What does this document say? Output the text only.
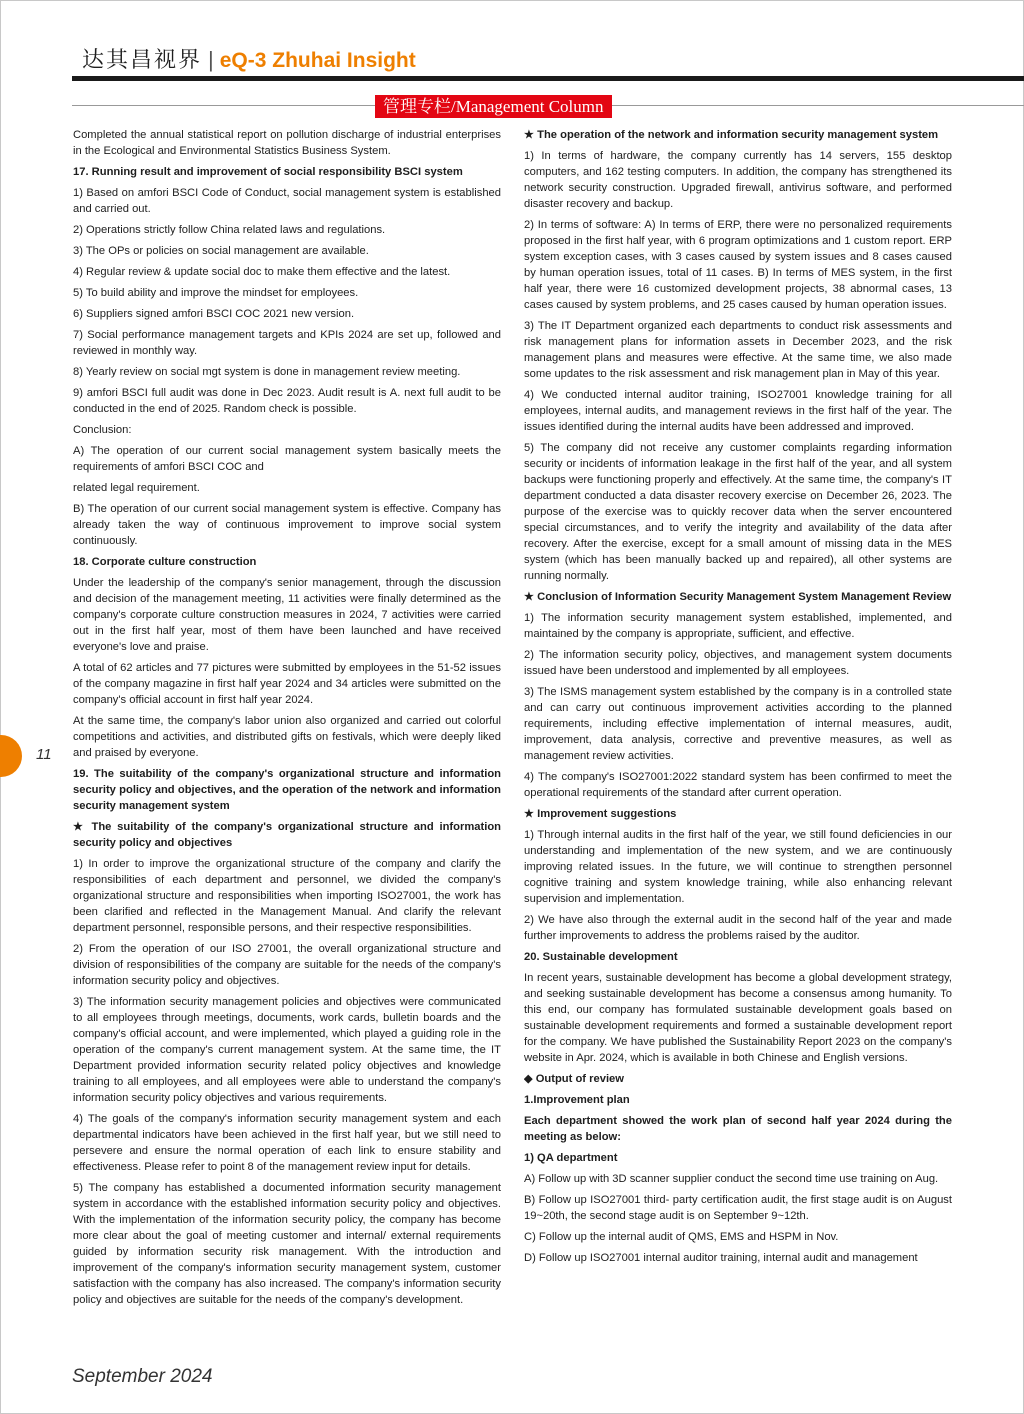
达其昌视界 | eQ-3 Zhuhai Insight
管理专栏/Management Column
11

Completed the annual statistical report on pollution discharge of industrial enterprises in the Ecological and Environmental Statistics Business System.

17. Running result and improvement of social responsibility BSCI system

1) Based on amfori BSCI Code of Conduct, social management system is established and carried out.

2) Operations strictly follow China related laws and regulations.

3) The OPs or policies on social management are available.

4) Regular review & update social doc to make them effective and the latest.

5) To build ability and improve the mindset for employees.

6) Suppliers signed amfori BSCI COC 2021 new version.

7) Social performance management targets and KPIs 2024 are set up, followed and reviewed in monthly way.

8) Yearly review on social mgt system is done in management review meeting.

9) amfori BSCI full audit was done in Dec 2023. Audit result is A. next full audit to be conducted in the end of 2025. Random check is possible.

Conclusion:

A) The operation of our current social management system basically meets the requirements of amfori BSCI COC and

related legal requirement.

B) The operation of our current social management system is effective. Company has already taken the way of continuous improvement to improve social system continuously.

18. Corporate culture construction

Under the leadership of the company's senior management, through the discussion and decision of the management meeting, 11 activities were finally determined as the company's corporate culture construction measures in 2024, 7 activities were carried out in the first half year, most of them have been launched and have received everyone's love and praise.

A total of 62 articles and 77 pictures were submitted by employees in the 51-52 issues of the company magazine in first half year 2024 and 34 articles were submitted on the company's official account in first half year 2024.

At the same time, the company's labor union also organized and carried out colorful competitions and activities, and distributed gifts on festivals, which were deeply liked and praised by everyone.

19. The suitability of the company's organizational structure and information security policy and objectives, and the operation of the network and information security management system

★ The suitability of the company's organizational structure and information security policy and objectives

1) In order to improve the organizational structure of the company and clarify the responsibilities of each department and personnel, we divided the company's organizational structure and responsibilities when importing ISO27001, the work has been clarified and reflected in the Management Manual. And clarify the relevant department personnel, responsible persons, and their respective responsibilities.

2) From the operation of our ISO 27001, the overall organizational structure and division of responsibilities of the company are suitable for the needs of the company's information security policy and objectives.

3) The information security management policies and objectives were communicated to all employees through meetings, documents, work cards, bulletin boards and the company's official account, and were implemented, which played a guiding role in the operation of the company's current management system. At the same time, the IT Department provided information security related policy objectives and knowledge training to all employees, and all employees were able to understand the company's information security policy objectives and various requirements.

4) The goals of the company's information security management system and each departmental indicators have been achieved in the first half year, but we still need to persevere and ensure the normal operation of each link to ensure stability and effectiveness. Please refer to point 8 of the management review input for details.

5) The company has established a documented information security management system in accordance with the established information security policy and objectives. With the implementation of the information security policy, the company has become more clear about the goal of meeting customer and internal/ external requirements guided by information security risk management. With the introduction and improvement of the company's information security management system, customer satisfaction with the company has also increased. The company's information security policy and objectives are suitable for the needs of the company's development.

★ The operation of the network and information security management system

1) In terms of hardware, the company currently has 14 servers, 155 desktop computers, and 162 testing computers. In addition, the company has strengthened its network security construction. Upgraded firewall, antivirus software, and performed disaster recovery and backup.

2) In terms of software: A) In terms of ERP, there were no personalized requirements proposed in the first half year, with 6 program optimizations and 1 custom report. ERP system exception cases, with 3 cases caused by system issues and 8 cases caused by human operation issues, total of 11 cases. B) In terms of MES system, in the first half year, there were 16 customized development projects, 38 abnormal cases, 13 cases caused by system problems, and 25 cases caused by human operation issues.

3) The IT Department organized each departments to conduct risk assessments and risk management plans for information assets in December 2023, and the risk management plans and measures were effective. At the same time, we also made some updates to the risk assessment and risk management plan in May of this year.

4) We conducted internal auditor training, ISO27001 knowledge training for all employees, internal audits, and management reviews in the first half of the year. The issues identified during the internal audits have been addressed and improved.

5) The company did not receive any customer complaints regarding information security or incidents of information leakage in the first half of the year, and all system backups were functioning properly and effectively. At the same time, the company's IT department conducted a data disaster recovery exercise on December 26, 2023. The purpose of the exercise was to quickly recover data when the server encountered special circumstances, and to verify the integrity and availability of the data after recovery. After the exercise, except for a small amount of missing data in the MES system (which has been manually backed up and repaired), all other systems are running normally.

★ Conclusion of Information Security Management System Management Review

1) The information security management system established, implemented, and maintained by the company is appropriate, sufficient, and effective.

2) The information security policy, objectives, and management system documents issued have been understood and implemented by all employees.

3) The ISMS management system established by the company is in a controlled state and can carry out continuous improvement activities according to the planned requirements, including effective implementation of internal measures, audit, improvement, data analysis, corrective and preventive measures, as well as management review activities.

4) The company's ISO27001:2022 standard system has been confirmed to meet the operational requirements of the standard after current operation.

★ Improvement suggestions

1) Through internal audits in the first half of the year, we still found deficiencies in our understanding and implementation of the new system, and we are continuously improving related issues. In the future, we will continue to strengthen personnel cognitive training and system knowledge training, while also enhancing relevant supervision and implementation.

2) We have also through the external audit in the second half of the year and made further improvements to address the problems raised by the auditor.

20. Sustainable development

In recent years, sustainable development has become a global development strategy, and seeking sustainable development has become a consensus among humanity. To this end, our company has formulated sustainable development goals based on sustainable development requirements and formed a sustainable development report for the company. We have published the Sustainability Report 2023 on the company's website in Apr. 2024, which is available in both Chinese and English versions.

◆ Output of review

1.Improvement plan

Each department showed the work plan of second half year 2024 during the meeting as below:

1) QA department

A) Follow up with 3D scanner supplier conduct the second time use training on Aug.

B) Follow up ISO27001 third- party certification audit, the first stage audit is on August 19~20th, the second stage audit is on September 9~12th.

C) Follow up the internal audit of QMS, EMS and HSPM in Nov.

D) Follow up ISO27001 internal auditor training, internal audit and management

September 2024
